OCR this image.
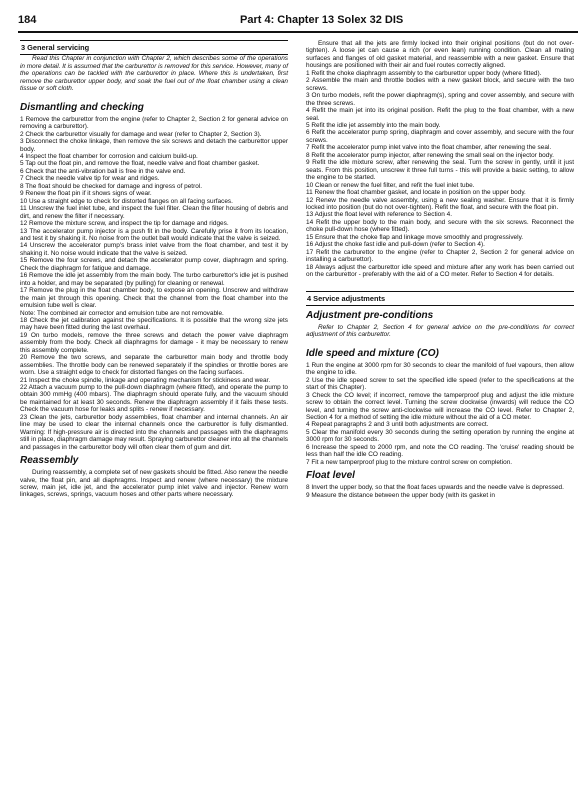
184	Part 4: Chapter 13 Solex 32 DIS

3 General servicing

Read this Chapter in conjunction with Chapter 2, which describes some of the operations in more detail. It is assumed that the carburettor is removed for this service. However, many of the operations can be tackled with the carburettor in place. Where this is undertaken, first remove the carburettor upper body, and soak the fuel out of the float chamber using a clean tissue or soft cloth.

Dismantling and checking

1 Remove the carburettor from the engine (refer to Chapter 2, Section 2 for general advice on removing a carburettor).

2 Check the carburettor visually for damage and wear (refer to Chapter 2, Section 3).

3 Disconnect the choke linkage, then remove the six screws and detach the carburettor upper body.

4 Inspect the float chamber for corrosion and calcium build-up.

5 Tap out the float pin, and remove the float, needle valve and float chamber gasket.

6 Check that the anti-vibration ball is free in the valve end.

7 Check the needle valve tip for wear and ridges.

8 The float should be checked for damage and ingress of petrol.

9 Renew the float pin if it shows signs of wear.

10 Use a straight edge to check for distorted flanges on all facing surfaces.

11 Unscrew the fuel inlet tube, and inspect the fuel filter. Clean the filter housing of debris and dirt, and renew the filter if necessary.

12 Remove the mixture screw, and inspect the tip for damage and ridges.

13 The accelerator pump injector is a push fit in the body. Carefully prise it from its location, and test it by shaking it. No noise from the outlet ball would indicate that the valve is seized.

14 Unscrew the accelerator pump's brass inlet valve from the float chamber, and test it by shaking it. No noise would indicate that the valve is seized.

15 Remove the four screws, and detach the accelerator pump cover, diaphragm and spring. Check the diaphragm for fatigue and damage.

16 Remove the idle jet assembly from the main body. The turbo carburettor's idle jet is pushed into a holder, and may be separated (by pulling) for cleaning or renewal.

17 Remove the plug in the float chamber body, to expose an opening. Unscrew and withdraw the main jet through this opening. Check that the channel from the float chamber into the emulsion tube well is clear.

Note: The combined air corrector and emulsion tube are not removable.

18 Check the jet calibration against the specifications. It is possible that the wrong size jets may have been fitted during the last overhaul.

19 On turbo models, remove the three screws and detach the power valve diaphragm assembly from the body. Check all diaphragms for damage - it may be necessary to renew this assembly complete.

20 Remove the two screws, and separate the carburettor main body and throttle body assemblies. The throttle body can be renewed separately if the spindles or throttle bores are worn. Use a straight edge to check for distorted flanges on the facing surfaces.

21 Inspect the choke spindle, linkage and operating mechanism for stickiness and wear.

22 Attach a vacuum pump to the pull-down diaphragm (where fitted), and operate the pump to obtain 300 mmHg (400 mbars). The diaphragm should operate fully, and the vacuum should be maintained for at least 30 seconds. Renew the diaphragm assembly if it fails these tests. Check the vacuum hose for leaks and splits - renew if necessary.

23 Clean the jets, carburettor body assemblies, float chamber and internal channels. An air line may be used to clear the internal channels once the carburettor is fully dismantled. Warning: If high-pressure air is directed into the channels and passages with the diaphragms still in place, diaphragm damage may result. Spraying carburettor cleaner into all the channels and passages in the carburettor body will often clear them of gum and dirt.

Reassembly

During reassembly, a complete set of new gaskets should be fitted. Also renew the needle valve, the float pin, and all diaphragms. Inspect and renew (where necessary) the mixture screw, main jet, idle jet, and the accelerator pump inlet valve and injector. Renew worn linkages, screws, springs, vacuum hoses and other parts where necessary.

Ensure that all the jets are firmly locked into their original positions (but do not over-tighten). A loose jet can cause a rich (or even lean) running condition. Clean all mating surfaces and flanges of old gasket material, and reassemble with a new gasket. Ensure that housings are positioned with their air and fuel routes correctly aligned.

1 Refit the choke diaphragm assembly to the carburettor upper body (where fitted).

2 Assemble the main and throttle bodies with a new gasket block, and secure with the two screws.

3 On turbo models, refit the power diaphragm(s), spring and cover assembly, and secure with the three screws.

4 Refit the main jet into its original position. Refit the plug to the float chamber, with a new seal.

5 Refit the idle jet assembly into the main body.

6 Refit the accelerator pump spring, diaphragm and cover assembly, and secure with the four screws.

7 Refit the accelerator pump inlet valve into the float chamber, after renewing the seal.

8 Refit the accelerator pump injector, after renewing the small seal on the injector body.

9 Refit the idle mixture screw, after renewing the seal. Turn the screw in gently, until it just seats. From this position, unscrew it three full turns - this will provide a basic setting, to allow the engine to be started.

10 Clean or renew the fuel filter, and refit the fuel inlet tube.

11 Renew the float chamber gasket, and locate in position on the upper body.

12 Renew the needle valve assembly, using a new sealing washer. Ensure that it is firmly locked into position (but do not over-tighten). Refit the float, and secure with the float pin.

13 Adjust the float level with reference to Section 4.

14 Refit the upper body to the main body, and secure with the six screws. Reconnect the choke pull-down hose (where fitted).

15 Ensure that the choke flap and linkage move smoothly and progressively.

16 Adjust the choke fast idle and pull-down (refer to Section 4).

17 Refit the carburettor to the engine (refer to Chapter 2, Section 2 for general advice on installing a carburettor).

18 Always adjust the carburettor idle speed and mixture after any work has been carried out on the carburettor - preferably with the aid of a CO meter. Refer to Section 4 for details.

4 Service adjustments

Adjustment pre-conditions

Refer to Chapter 2, Section 4 for general advice on the pre-conditions for correct adjustment of this carburettor.

Idle speed and mixture (CO)

1 Run the engine at 3000 rpm for 30 seconds to clear the manifold of fuel vapours, then allow the engine to idle.

2 Use the idle speed screw to set the specified idle speed (refer to the specifications at the start of this Chapter).

3 Check the CO level; if incorrect, remove the tamperproof plug and adjust the idle mixture screw to obtain the correct level. Turning the screw clockwise (inwards) will reduce the CO level, and turning the screw anti-clockwise will increase the CO level. Refer to Chapter 2, Section 4 for a method of setting the idle mixture without the aid of a CO meter.

4 Repeat paragraphs 2 and 3 until both adjustments are correct.

5 Clear the manifold every 30 seconds during the setting operation by running the engine at 3000 rpm for 30 seconds.

6 Increase the speed to 2000 rpm, and note the CO reading. The 'cruise' reading should be less than half the idle CO reading.

7 Fit a new tamperproof plug to the mixture control screw on completion.

Float level

8 Invert the upper body, so that the float faces upwards and the needle valve is depressed.

9 Measure the distance between the upper body (with its gasket in
